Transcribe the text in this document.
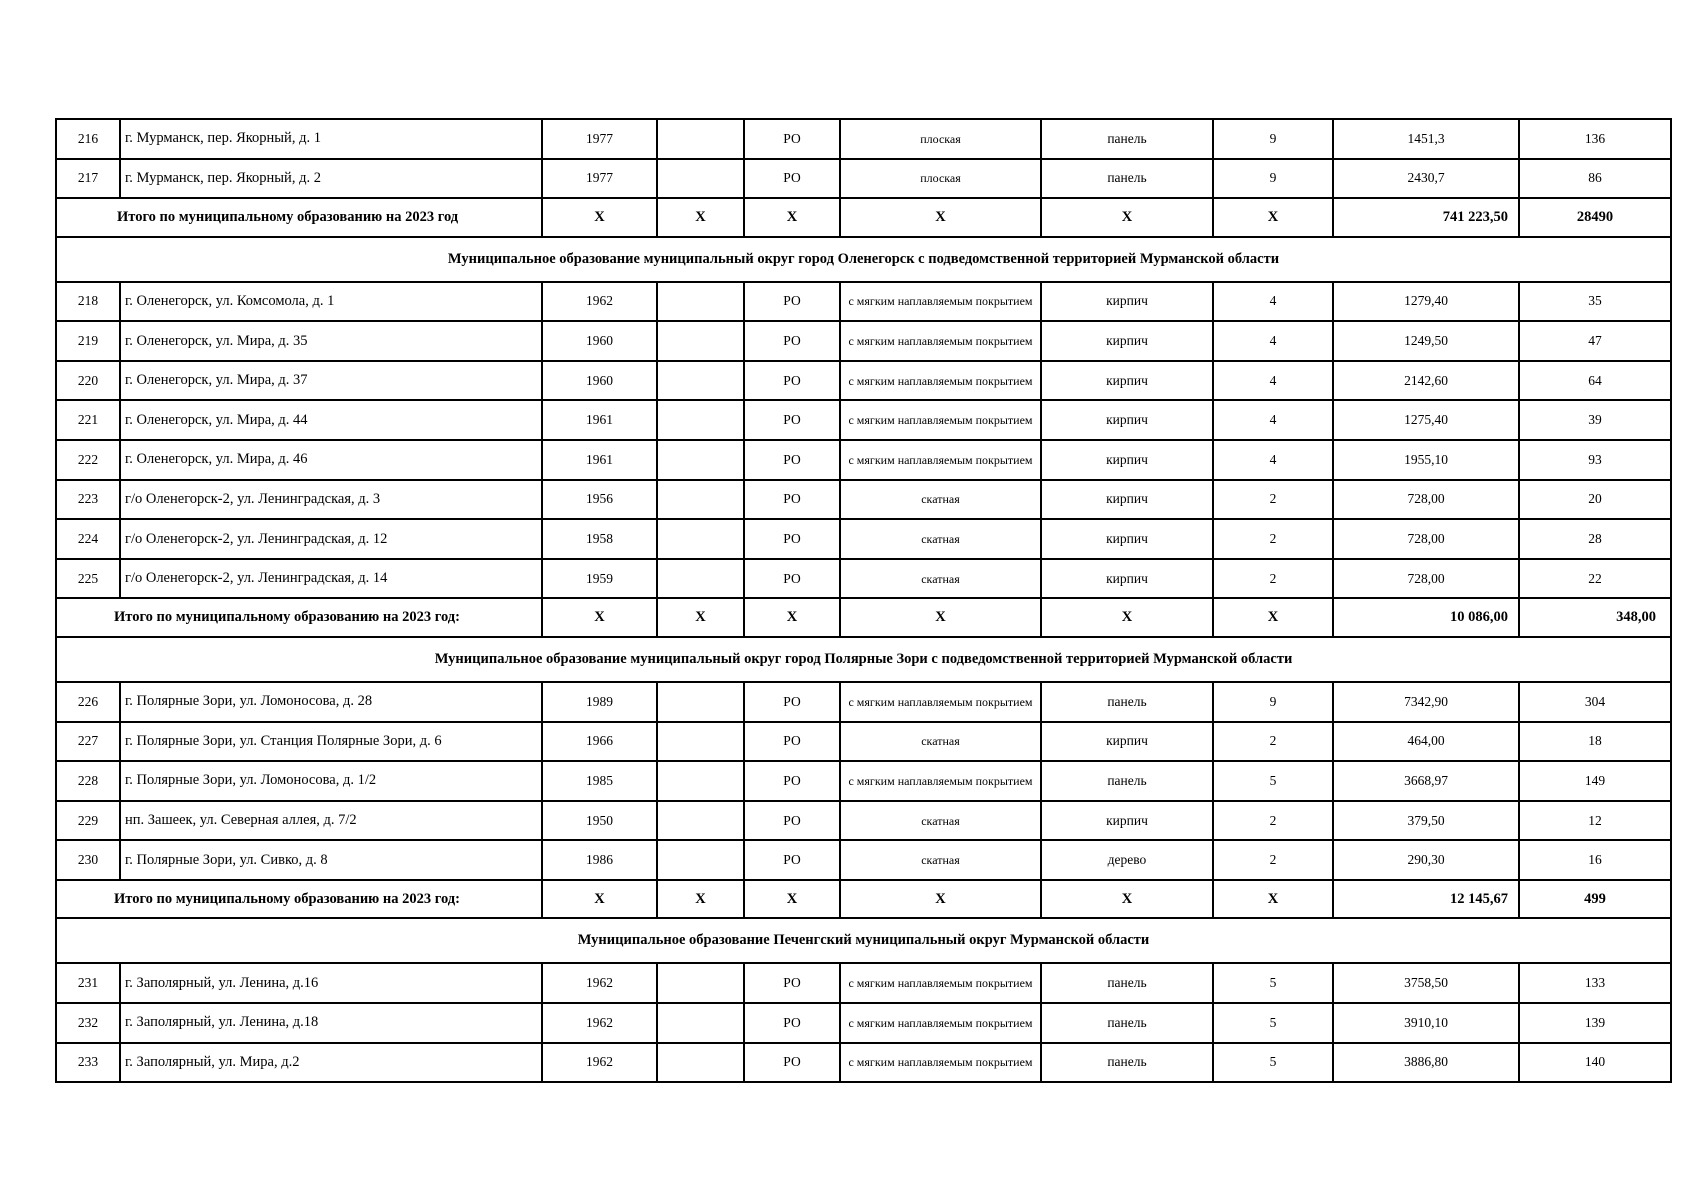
216	г. Мурманск, пер. Якорный, д. 1	1977		РО	плоская	панель	9	1451,3	136
217	г. Мурманск, пер. Якорный, д. 2	1977		РО	плоская	панель	9	2430,7	86
Итого по муниципальному образованию на 2023 год		X	X	X	X	X	X	741 223,50	28490
Муниципальное образование муниципальный округ город Оленегорск с подведомственной территорией Мурманской области									
218	г. Оленегорск, ул. Комсомола, д. 1	1962		РО	с мягким наплавляемым покрытием	кирпич	4	1279,40	35
219	г. Оленегорск, ул. Мира, д. 35	1960		РО	с мягким наплавляемым покрытием	кирпич	4	1249,50	47
220	г. Оленегорск, ул. Мира, д. 37	1960		РО	с мягким наплавляемым покрытием	кирпич	4	2142,60	64
221	г. Оленегорск, ул. Мира, д. 44	1961		РО	с мягким наплавляемым покрытием	кирпич	4	1275,40	39
222	г. Оленегорск, ул. Мира, д. 46	1961		РО	с мягким наплавляемым покрытием	кирпич	4	1955,10	93
223	г/о Оленегорск-2, ул. Ленинградская, д. 3	1956		РО	скатная	кирпич	2	728,00	20
224	г/о Оленегорск-2, ул. Ленинградская, д. 12	1958		РО	скатная	кирпич	2	728,00	28
225	г/о Оленегорск-2, ул. Ленинградская, д. 14	1959		РО	скатная	кирпич	2	728,00	22
Итого по муниципальному образованию на 2023 год:		X	X	X	X	X	X	10 086,00	348,00
Муниципальное образование муниципальный округ город Полярные Зори с подведомственной территорией Мурманской области									
226	г. Полярные Зори, ул. Ломоносова, д. 28	1989		РО	с мягким наплавляемым покрытием	панель	9	7342,90	304
227	г. Полярные Зори, ул. Станция Полярные Зори, д. 6	1966		РО	скатная	кирпич	2	464,00	18
228	г. Полярные Зори, ул. Ломоносова, д. 1/2	1985		РО	с мягким наплавляемым покрытием	панель	5	3668,97	149
229	нп. Зашеек, ул. Северная аллея, д. 7/2	1950		РО	скатная	кирпич	2	379,50	12
230	г. Полярные Зори, ул. Сивко, д. 8	1986		РО	скатная	дерево	2	290,30	16
Итого по муниципальному образованию на 2023 год:		X	X	X	X	X	X	12 145,67	499
Муниципальное образование Печенгский муниципальный округ Мурманской области									
231	г. Заполярный, ул. Ленина, д.16	1962		РО	с мягким наплавляемым покрытием	панель	5	3758,50	133
232	г. Заполярный, ул. Ленина, д.18	1962		РО	с мягким наплавляемым покрытием	панель	5	3910,10	139
233	г. Заполярный, ул. Мира, д.2	1962		РО	с мягким наплавляемым покрытием	панель	5	3886,80	140
